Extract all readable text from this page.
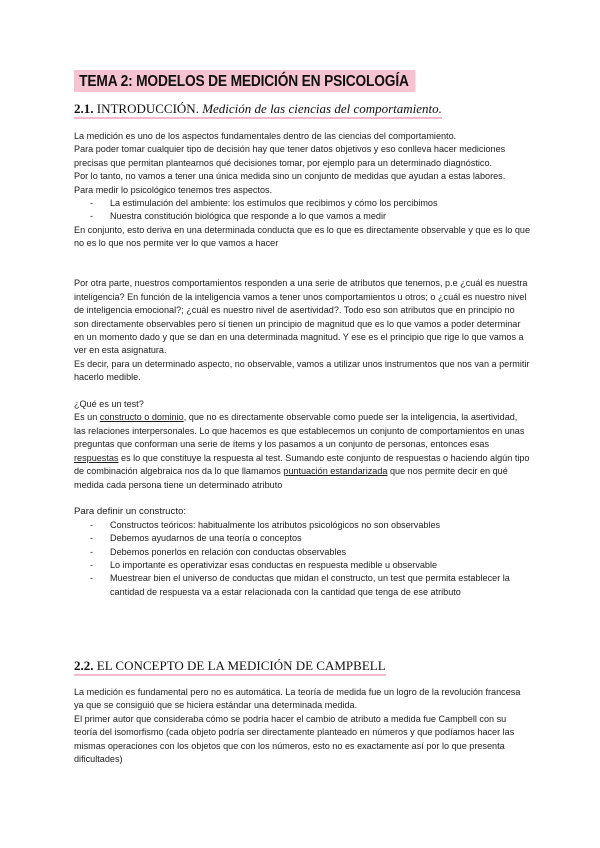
TEMA 2: MODELOS DE MEDICIÓN EN PSICOLOGÍA
2.1. INTRODUCCIÓN. Medición de las ciencias del comportamiento.

La medición es uno de los aspectos fundamentales dentro de las ciencias del comportamiento.

Para poder tomar cualquier tipo de decisión hay que tener datos objetivos y eso conlleva hacer mediciones precisas que permitan plantearnos qué decisiones tomar, por ejemplo para un determinado diagnóstico.

Por lo tanto, no vamos a tener una única medida sino un conjunto de medidas que ayudan a estas labores.

Para medir lo psicológico tenemos tres aspectos.

- La estimulación del ambiente: los estímulos que recibimos y cómo los percibimos
- Nuestra constitución biológica que responde a lo que vamos a medir

En conjunto, esto deriva en una determinada conducta que es lo que es directamente observable y que es lo que no es lo que nos permite ver lo que vamos a hacer

Por otra parte, nuestros comportamientos responden a una serie de atributos que tenemos, p.e ¿cuál es nuestra inteligencia? En función de la inteligencia vamos a tener unos comportamientos u otros; o ¿cuál es nuestro nivel de inteligencia emocional?; ¿cuál es nuestro nivel de asertividad?. Todo eso son atributos que en principio no son directamente observables pero sí tienen un principio de magnitud que es lo que vamos a poder determinar en un momento dado y que se dan en una determinada magnitud. Y ese es el principio que rige lo que vamos a ver en esta asignatura.

Es decir, para un determinado aspecto, no observable, vamos a utilizar unos instrumentos que nos van a permitir hacerlo medible.

¿Qué es un test?

Es un constructo o dominio, que no es directamente observable como puede ser la inteligencia, la asertividad, las relaciones interpersonales. Lo que hacemos es que establecemos un conjunto de comportamientos en unas preguntas que conforman una serie de ítems y los pasamos a un conjunto de personas, entonces esas respuestas es lo que constituye la respuesta al test. Sumando este conjunto de respuestas o haciendo algún tipo de combinación algebraica nos da lo que llamamos puntuación estandarizada que nos permite decir en qué medida cada persona tiene un determinado atributo

Para definir un constructo:

- Constructos teóricos: habitualmente los atributos psicológicos no son observables
- Debemos ayudarnos de una teoría o conceptos
- Debemos ponerlos en relación con conductas observables
- Lo importante es operativizar esas conductas en respuesta medible u observable
- Muestrear bien el universo de conductas que midan el constructo, un test que permita establecer la cantidad de respuesta va a estar relacionada con la cantidad que tenga de ese atributo
2.2. EL CONCEPTO DE LA MEDICIÓN DE CAMPBELL

La medición es fundamental pero no es automática. La teoría de medida fue un logro de la revolución francesa ya que se consiguió que se hiciera estándar una determinada medida.

El primer autor que consideraba cómo se podría hacer el cambio de atributo a medida fue Campbell con su teoría del isomorfismo (cada objeto podría ser directamente planteado en números y que podíamos hacer las mismas operaciones con los objetos que con los números, esto no es exactamente así por lo que presenta dificultades)
